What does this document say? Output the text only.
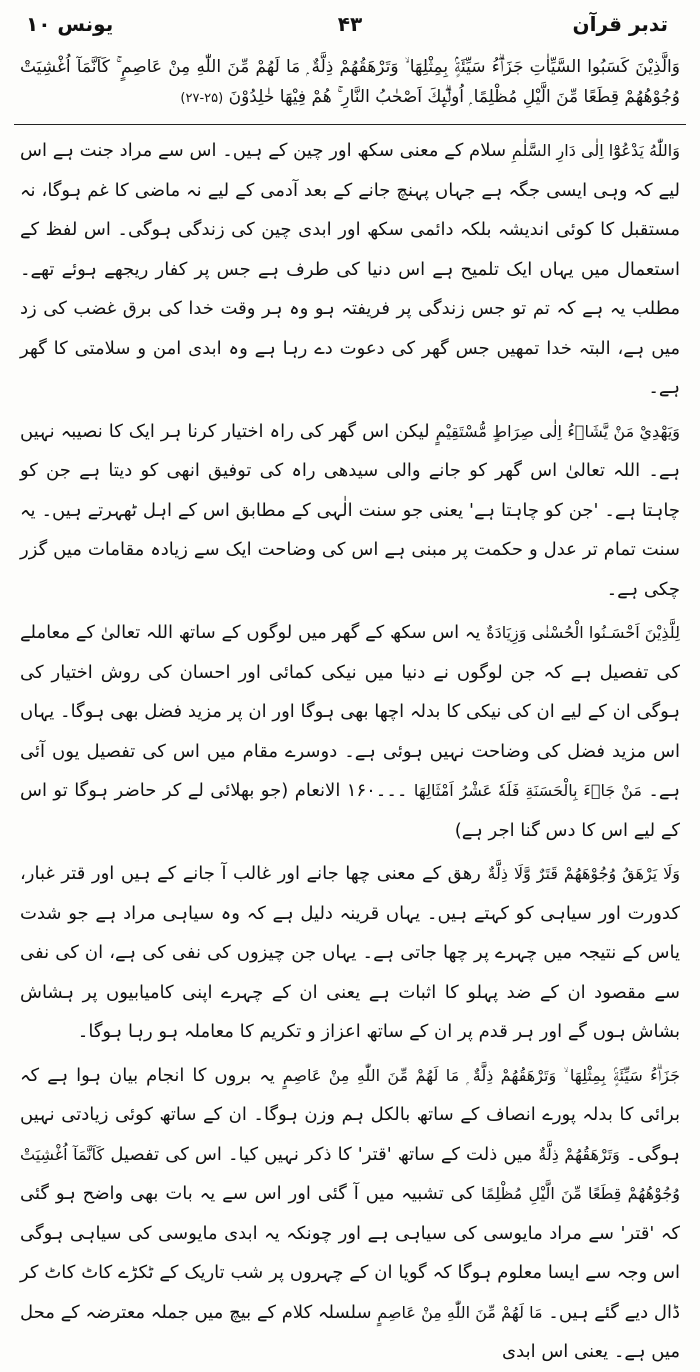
تدبر قرآن
۴۳
یونس ۱۰
وَالَّذِيْنَ كَسَبُوا السَّيِّاٰتِ جَزَاۗءُ سَيِّئَةٍۢ بِمِثْلِھَا ۙ وَتَرْهَقُھُمْ ذِلَّةٌ ۭ مَا لَھُمْ مِّنَ اللّٰهِ مِنْ عَاصِمٍ ۚ كَاَنَّمَآ اُغْشِيَتْ وُجُوْهُھُمْ قِطَعًا مِّنَ الَّيْلِ مُظْلِمًا ۭ اُولٰۗىِٕكَ اَصْحٰبُ النَّارِ ۚ ھُمْ فِيْھَا خٰلِدُوْنَ (۲۵-۲۷)

وَاللّٰهُ يَدْعُوْٓا اِلٰى دَارِ السَّلٰمِ سلام کے معنی سکھ اور چین کے ہیں۔ اس سے مراد جنت ہے اس لیے کہ وہی ایسی جگہ ہے جہاں پہنچ جانے کے بعد آدمی کے لیے نہ ماضی کا غم ہوگا، نہ مستقبل کا کوئی اندیشہ بلکہ دائمی سکھ اور ابدی چین کی زندگی ہوگی۔ اس لفظ کے استعمال میں یہاں ایک تلمیح ہے اس دنیا کی طرف ہے جس پر کفار ریجھے ہوئے تھے۔ مطلب یہ ہے کہ تم تو جس زندگی پر فریفتہ ہو وہ ہر وقت خدا کی برق غضب کی زد میں ہے، البتہ خدا تمھیں جس گھر کی دعوت دے رہا ہے وہ ابدی امن و سلامتی کا گھر ہے۔

وَيَهْدِيْ مَنْ يَّشَاۗءُ اِلٰى صِرَاطٍ مُّسْتَقِيْمٍ لیکن اس گھر کی راہ اختیار کرنا ہر ایک کا نصیبہ نہیں ہے۔ اللہ تعالیٰ اس گھر کو جانے والی سیدھی راہ کی توفیق انھی کو دیتا ہے جن کو چاہتا ہے۔ 'جن کو چاہتا ہے' یعنی جو سنت الٰہی کے مطابق اس کے اہل ٹھہرتے ہیں۔ یہ سنت تمام تر عدل و حکمت پر مبنی ہے اس کی وضاحت ایک سے زیادہ مقامات میں گزر چکی ہے۔

لِلَّذِيْنَ اَحْسَـنُوا الْحُسْنٰى وَزِيَادَةٌ یہ اس سکھ کے گھر میں لوگوں کے ساتھ اللہ تعالیٰ کے معاملے کی تفصیل ہے کہ جن لوگوں نے دنیا میں نیکی کمائی اور احسان کی روش اختیار کی ہوگی ان کے لیے ان کی نیکی کا بدلہ اچھا بھی ہوگا اور ان پر مزید فضل بھی ہوگا۔ یہاں اس مزید فضل کی وضاحت نہیں ہوئی ہے۔ دوسرے مقام میں اس کی تفصیل یوں آئی ہے۔ مَنْ جَاۗءَ بِالْحَسَنَةِ فَلَهٗ عَشْرُ اَمْثَالِهَا ۔۔۔۱۶۰ الانعام (جو بھلائی لے کر حاضر ہوگا تو اس کے لیے اس کا دس گنا اجر ہے)

وَلَا يَرْهَقُ وُجُوْهَھُمْ قَتَرٌ وَّلَا ذِلَّةٌ رھق کے معنی چھا جانے اور غالب آ جانے کے ہیں اور قتر غبار، کدورت اور سیاہی کو کہتے ہیں۔ یہاں قرینہ دلیل ہے کہ وہ سیاہی مراد ہے جو شدت یاس کے نتیجہ میں چہرے پر چھا جاتی ہے۔ یہاں جن چیزوں کی نفی کی ہے، ان کی نفی سے مقصود ان کے ضد پہلو کا اثبات ہے یعنی ان کے چہرے اپنی کامیابیوں پر ہشاش بشاش ہوں گے اور ہر قدم پر ان کے ساتھ اعزاز و تکریم کا معاملہ ہو رہا ہوگا۔

جَزَاۗءُ سَيِّئَةٍۢ بِمِثْلِھَا ۙ وَتَرْهَقُھُمْ ذِلَّةٌ ۭ مَا لَھُمْ مِّنَ اللّٰهِ مِنْ عَاصِمٍ یہ بروں کا انجام بیان ہوا ہے کہ برائی کا بدلہ پورے انصاف کے ساتھ بالکل ہم وزن ہوگا۔ ان کے ساتھ کوئی زیادتی نہیں ہوگی۔ وَتَرْهَقُھُمْ ذِلَّةٌ میں ذلت کے ساتھ 'قتر' کا ذکر نہیں کیا۔ اس کی تفصیل كَاَنَّمَآ اُغْشِيَتْ وُجُوْهُھُمْ قِطَعًا مِّنَ الَّيْلِ مُظْلِمًا کی تشبیہ میں آ گئی اور اس سے یہ بات بھی واضح ہو گئی کہ 'قتر' سے مراد مایوسی کی سیاہی ہے اور چونکہ یہ ابدی مایوسی کی سیاہی ہوگی اس وجہ سے ایسا معلوم ہوگا کہ گویا ان کے چہروں پر شب تاریک کے ٹکڑے کاٹ کاٹ کر ڈال دیے گئے ہیں۔ مَا لَھُمْ مِّنَ اللّٰهِ مِنْ عَاصِمٍ سلسلہ کلام کے بیچ میں جملہ معترضہ کے محل میں ہے۔ یعنی اس ابدی
